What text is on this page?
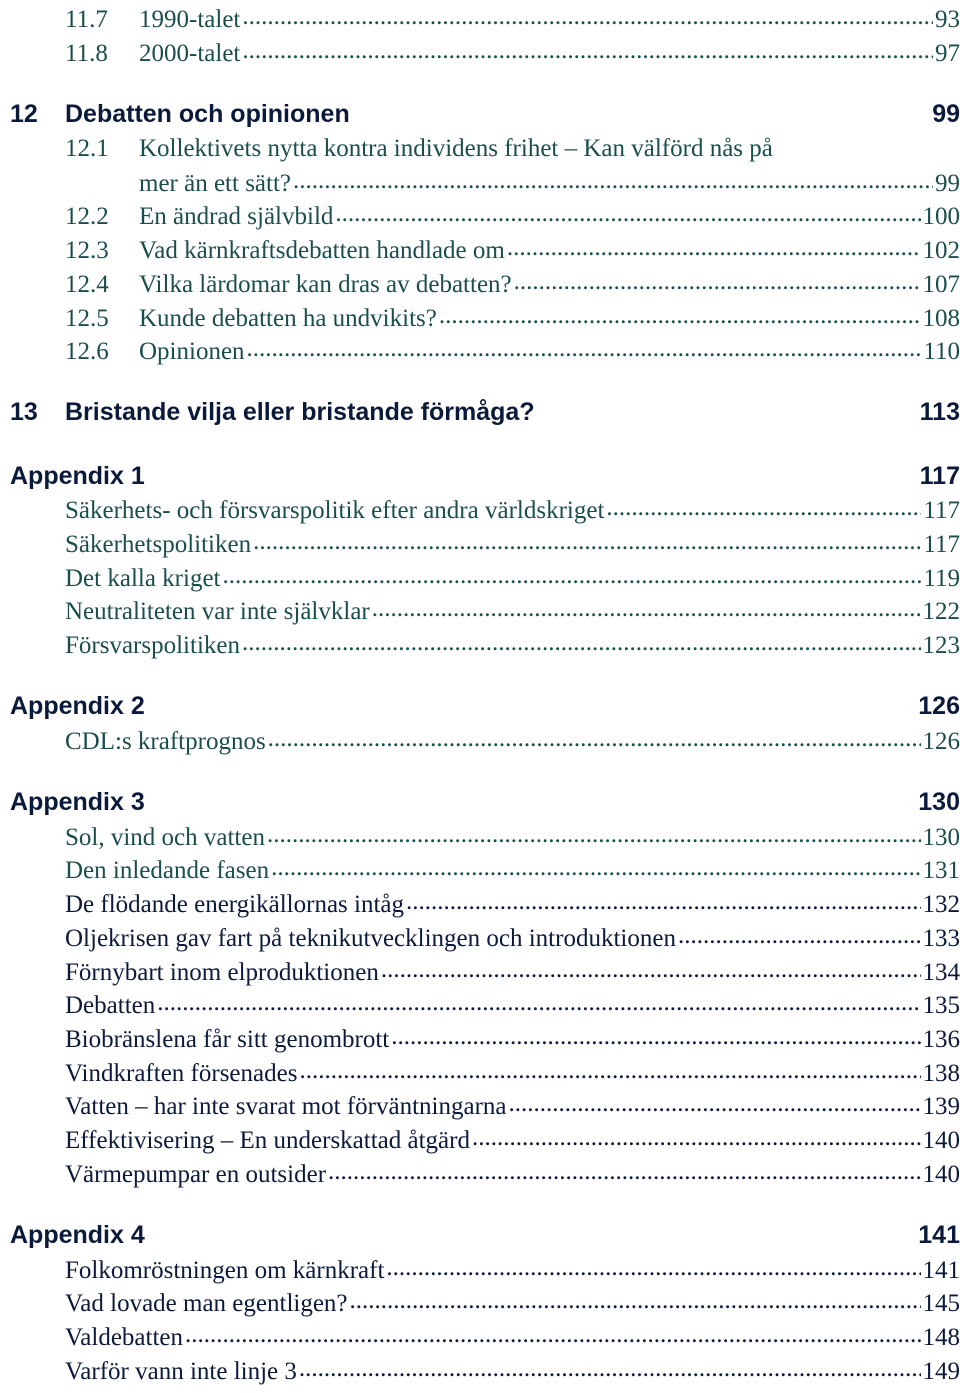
11.7	1990-talet .....	93
11.8	2000-talet .....	97
12 Debatten och opinionen	99
12.1 Kollektivets nytta kontra individens frihet – Kan välförd nås på
mer än ett sätt? .....	99
12.2	En ändrad självbild .....	100
12.3	Vad kärnkraftsdebatten handlade om .....	102
12.4	Vilka lärdomar kan dras av debatten? .....	107
12.5	Kunde debatten ha undvikits? .....	108
12.6	Opinionen .....	110
13 Bristande vilja eller bristande förmåga?	113
Appendix 1	117
Säkerhets- och försvarspolitik efter andra världskriget .....	117
Säkerhetspolitiken .....	117
Det kalla kriget .....	119
Neutraliteten var inte självklar .....	122
Försvarspolitiken .....	123
Appendix 2	126
CDL:s kraftprognos .....	126
Appendix 3	130
Sol, vind och vatten .....	130
Den inledande fasen .....	131
De flödande energikällornas intåg .....	132
Oljekrisen gav fart på teknikutvecklingen och introduktionen .....	133
Förnybart inom elproduktionen .....	134
Debatten .....	135
Biobränslena får sitt genombrott .....	136
Vindkraften försenades .....	138
Vatten – har inte svarat mot förväntningarna .....	139
Effektivisering – En underskattad åtgärd .....	140
Värmepumpar en outsider .....	140
Appendix 4	141
Folkomröstningen om kärnkraft .....	141
Vad lovade man egentligen? .....	145
Valdebatten .....	148
Varför vann inte linje 3 .....	149
